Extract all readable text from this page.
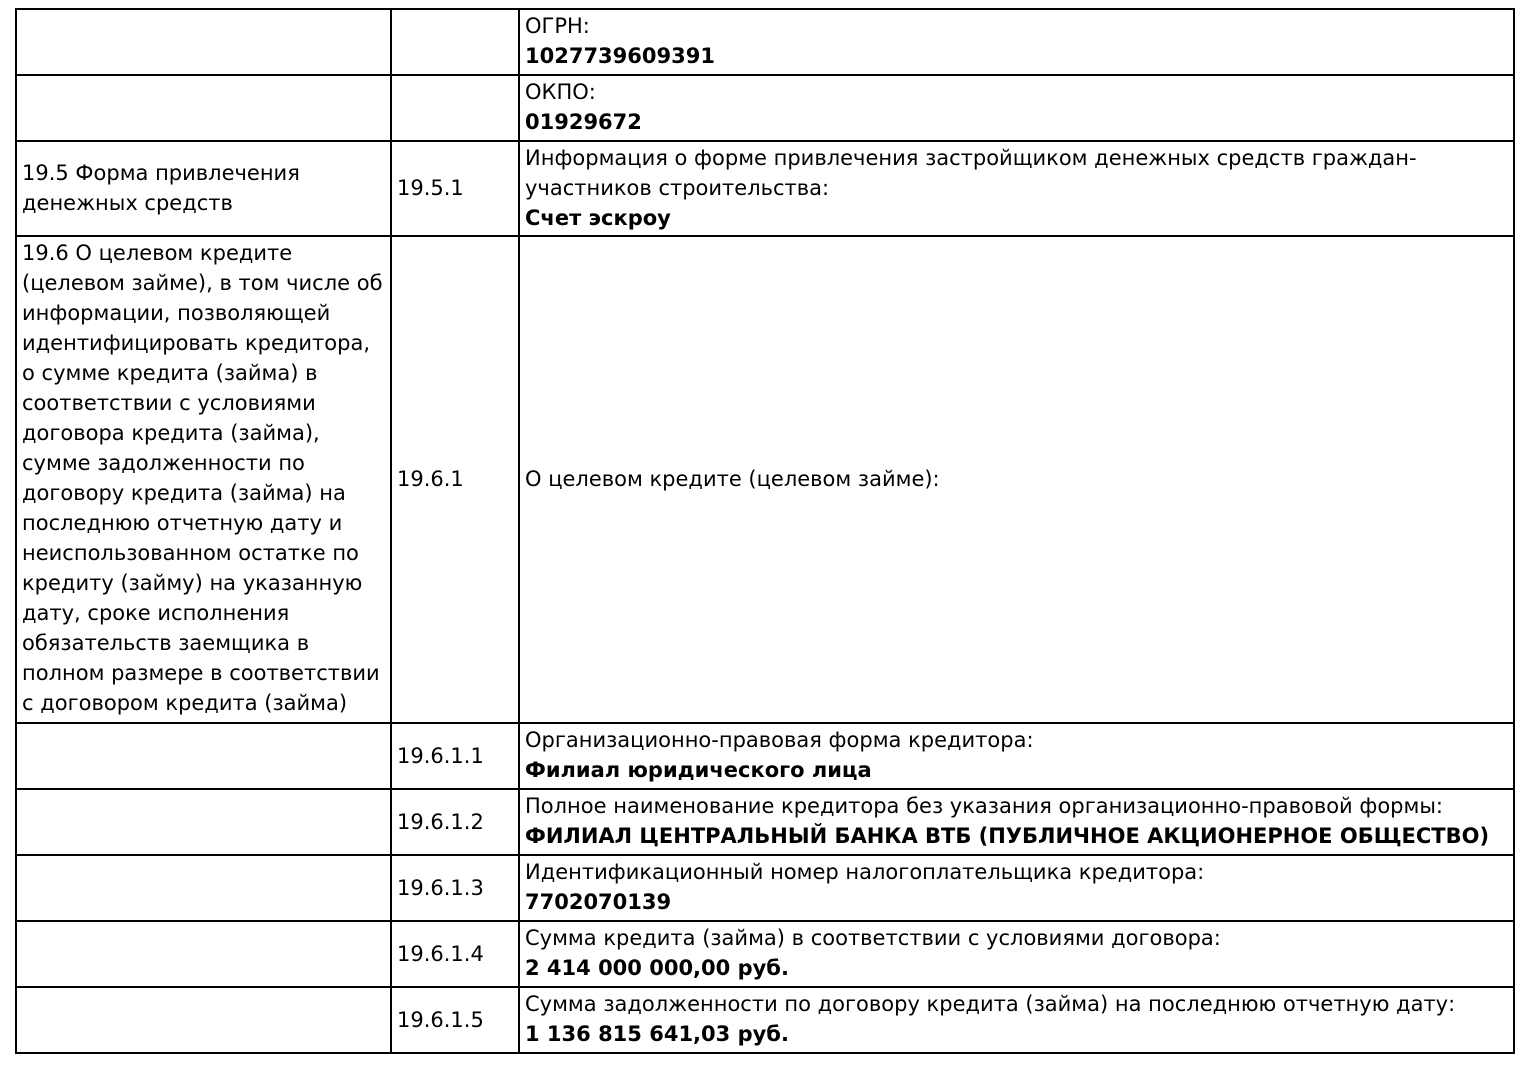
		ОГРН:
1027739609391

		ОКПО:
01929672

19.5 Форма привлечения денежных средств	19.5.1	Информация о форме привлечения застройщиком денежных средств граждан-участников строительства:
Счет эскроу

19.6 О целевом кредите (целевом займе), в том числе об информации, позволяющей идентифицировать кредитора, о сумме кредита (займа) в соответствии с условиями договора кредита (займа), сумме задолженности по договору кредита (займа) на последнюю отчетную дату и неиспользованном остатке по кредиту (займу) на указанную дату, сроке исполнения обязательств заемщика в полном размере в соответствии с договором кредита (займа)	19.6.1	О целевом кредите (целевом займе):

	19.6.1.1	Организационно-правовая форма кредитора:
Филиал юридического лица

	19.6.1.2	Полное наименование кредитора без указания организационно-правовой формы:
ФИЛИАЛ ЦЕНТРАЛЬНЫЙ БАНКА ВТБ (ПУБЛИЧНОЕ АКЦИОНЕРНОЕ ОБЩЕСТВО)

	19.6.1.3	Идентификационный номер налогоплательщика кредитора:
7702070139

	19.6.1.4	Сумма кредита (займа) в соответствии с условиями договора:
2 414 000 000,00 руб.

	19.6.1.5	Сумма задолженности по договору кредита (займа) на последнюю отчетную дату:
1 136 815 641,03 руб.
